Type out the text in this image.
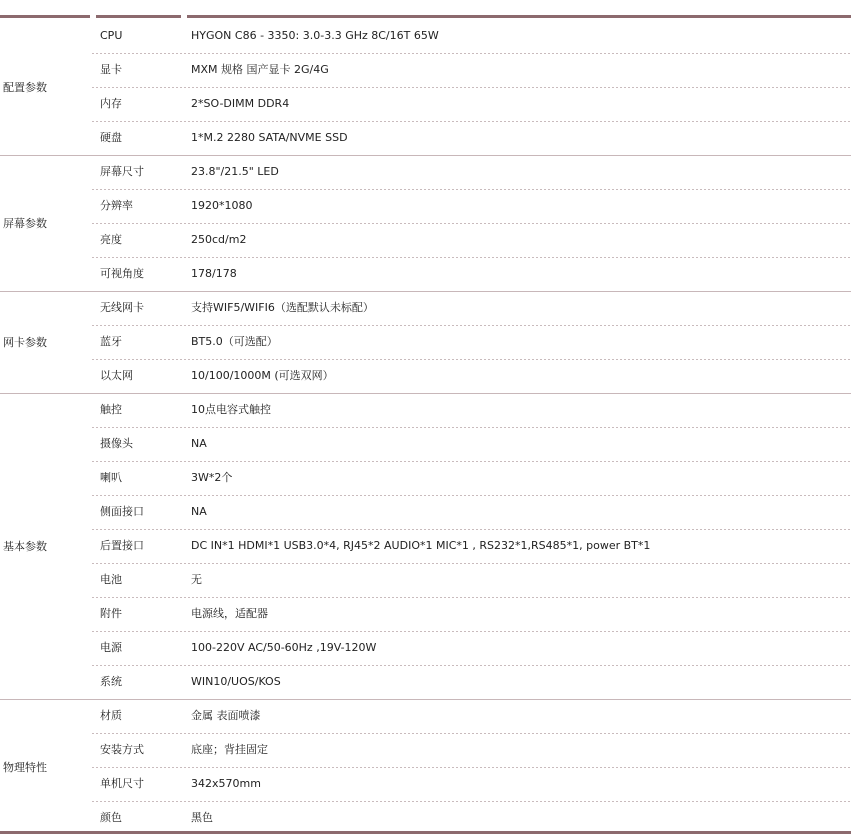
配置参数
CPU	HYGON C86 - 3350: 3.0-3.3 GHz 8C/16T 65W
显卡	MXM 规格 国产显卡 2G/4G
内存	2*SO-DIMM DDR4
硬盘	1*M.2 2280 SATA/NVME SSD
屏幕参数
屏幕尺寸	23.8"/21.5" LED
分辨率	1920*1080
亮度	250cd/m2
可视角度	178/178
网卡参数
无线网卡	支持WIF5/WIFI6（选配默认未标配）
蓝牙	BT5.0（可选配）
以太网	10/100/1000M (可选双网）
基本参数
触控	10点电容式触控
摄像头	NA
喇叭	3W*2个
侧面接口	NA
后置接口	DC IN*1 HDMI*1 USB3.0*4, RJ45*2 AUDIO*1 MIC*1 , RS232*1,RS485*1, power BT*1
电池	无
附件	电源线，适配器
电源	100-220V AC/50-60Hz ,19V-120W
系统	WIN10/UOS/KOS
物理特性
材质	金属 表面喷漆
安装方式	底座；背挂固定
单机尺寸	342x570mm
颜色	黑色
